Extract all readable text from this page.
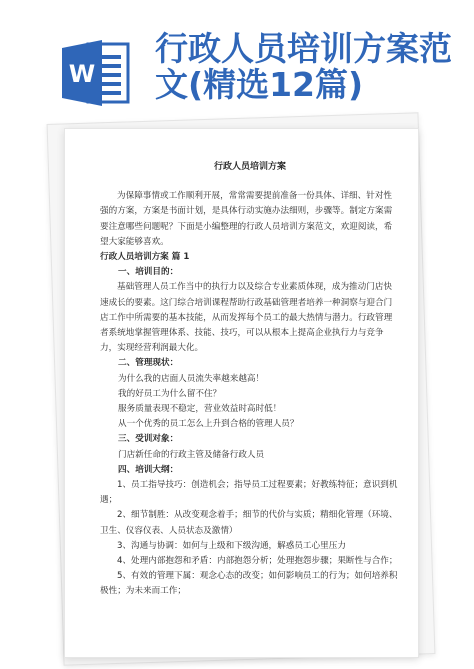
W
行政人员培训方案范文(精选12篇)
行政人员培训方案

为保障事情或工作顺利开展，常常需要提前准备一份具体、详细、针对性强的方案，方案是书面计划，是具体行动实施办法细则，步骤等。制定方案需要注意哪些问题呢？下面是小编整理的行政人员培训方案范文，欢迎阅读，希望大家能够喜欢。

行政人员培训方案 篇 1

一、培训目的：

基础管理人员工作当中的执行力以及综合专业素质体现，成为推动门店快速成长的要素。这门综合培训课程帮助行政基础管理者培养一种洞察与迎合门店工作中所需要的基本技能，从而发挥每个员工的最大热情与潜力。行政管理者系统地掌握管理体系、技能、技巧，可以从根本上提高企业执行力与竞争力，实现经营利润最大化。

二、管理现状：

为什么我的店面人员流失率越来越高！

我的好员工为什么留不住？

服务质量表现不稳定，营业效益时高时低！

从一个优秀的员工怎么上升到合格的管理人员？

三、受训对象：

门店新任命的行政主管及储备行政人员

四、培训大纲：

1、员工指导技巧：创造机会；指导员工过程要素；好教练特征；意识到机遇；

2、细节制胜：从改变观念着手；细节的代价与实质；精细化管理（环境、卫生、仪容仪表、人员状态及激情）

3、沟通与协调：如何与上级和下级沟通，解惑员工心里压力

4、处理内部抱怨和矛盾：内部抱怨分析；处理抱怨步骤；果断性与合作；

5、有效的管理下属：观念心态的改变；如何影响员工的行为；如何培养积极性；为未来而工作；
